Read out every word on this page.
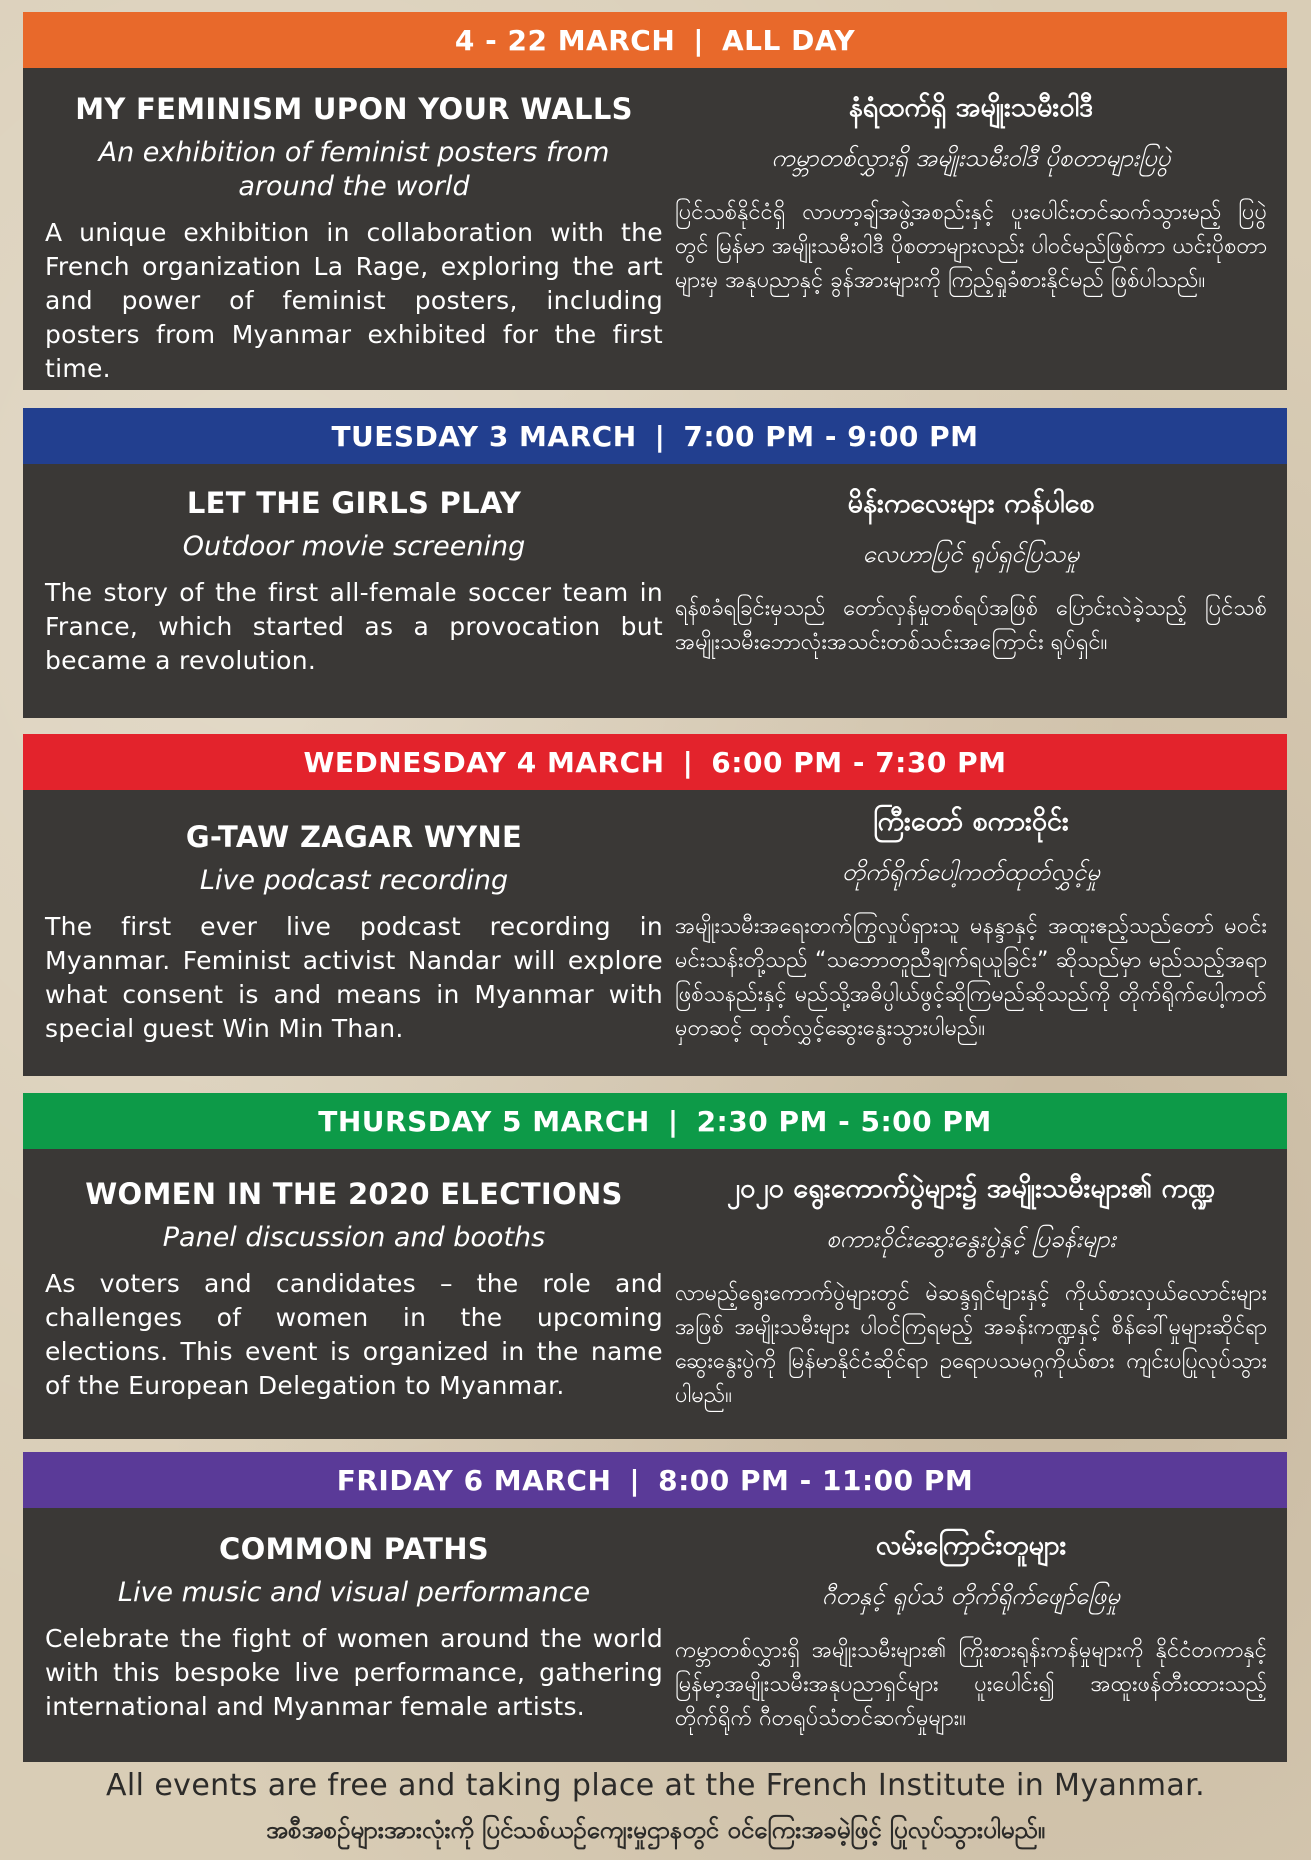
4 - 22 MARCH | ALL DAY
MY FEMINISM UPON YOUR WALLS
An exhibition of feminist posters from around the world

A unique exhibition in collaboration with the French organization La Rage, exploring the art and power of feminist posters, including posters from Myanmar exhibited for the first time.

နံရံထက်ရှိ အမျိုးသမီးဝါဒီ
ကမ္ဘာတစ်လွှားရှိ အမျိုးသမီးဝါဒီ ပိုစတာများပြပွဲ

ပြင်သစ်နိုင်ငံရှိ လာဟာ့ချ်အဖွဲ့အစည်းနှင့် ပူးပေါင်းတင်ဆက်သွားမည့် ပြပွဲတွင် မြန်မာ အမျိုးသမီးဝါဒီ ပိုစတာများလည်း ပါဝင်မည်ဖြစ်ကာ ယင်းပိုစတာများမှ အနုပညာနှင့် ခွန်အားများကို ကြည့်ရှုခံစားနိုင်မည် ဖြစ်ပါသည်။

TUESDAY 3 MARCH | 7:00 PM - 9:00 PM
LET THE GIRLS PLAY
Outdoor movie screening

The story of the first all-female soccer team in France, which started as a provocation but became a revolution.

မိန်းကလေးများ ကန်ပါစေ
လေဟာပြင် ရုပ်ရှင်ပြသမှု

ရန်စခံရခြင်းမှသည် တော်လှန်မှုတစ်ရပ်အဖြစ် ပြောင်းလဲခဲ့သည့် ပြင်သစ်အမျိုးသမီးဘောလုံးအသင်းတစ်သင်းအကြောင်း ရုပ်ရှင်။

WEDNESDAY 4 MARCH | 6:00 PM - 7:30 PM
G-TAW ZAGAR WYNE
Live podcast recording

The first ever live podcast recording in Myanmar. Feminist activist Nandar will explore what consent is and means in Myanmar with special guest Win Min Than.

ကြီးတော် စကားဝိုင်း
တိုက်ရိုက်ပေါ့ကတ်ထုတ်လွှင့်မှု

အမျိုးသမီးအရေးတက်ကြွလှုပ်ရှားသူ မနန္ဒာနှင့် အထူးဧည့်သည်တော် မဝင်းမင်းသန်းတို့သည် “သဘောတူညီချက်ရယူခြင်း” ဆိုသည်မှာ မည်သည့်အရာဖြစ်သနည်းနှင့် မည်သို့အဓိပ္ပါယ်ဖွင့်ဆိုကြမည်ဆိုသည်ကို တိုက်ရိုက်ပေါ့ကတ်မှတဆင့် ထုတ်လွှင့်ဆွေးနွေးသွားပါမည်။

THURSDAY 5 MARCH | 2:30 PM - 5:00 PM
WOMEN IN THE 2020 ELECTIONS
Panel discussion and booths

As voters and candidates – the role and challenges of women in the upcoming elections. This event is organized in the name of the European Delegation to Myanmar.

၂၀၂၀ ရွေးကောက်ပွဲများ၌ အမျိုးသမီးများ၏ ကဏ္ဍ
စကားဝိုင်းဆွေးနွေးပွဲနှင့် ပြခန်းများ

လာမည့်ရွေးကောက်ပွဲများတွင် မဲဆန္ဒရှင်များနှင့် ကိုယ်စားလှယ်လောင်းများအဖြစ် အမျိုးသမီးများ ပါဝင်ကြရမည့် အခန်းကဏ္ဍနှင့် စိန်ခေါ်မှုများဆိုင်ရာ ဆွေးနွေးပွဲကို မြန်မာနိုင်ငံဆိုင်ရာ ဥရောပသမဂ္ဂကိုယ်စား ကျင်းပပြုလုပ်သွားပါမည်။

FRIDAY 6 MARCH | 8:00 PM - 11:00 PM
COMMON PATHS
Live music and visual performance

Celebrate the fight of women around the world with this bespoke live performance, gathering international and Myanmar female artists.

လမ်းကြောင်းတူများ
ဂီတနှင့် ရုပ်သံ တိုက်ရိုက်ဖျော်ဖြေမှု

ကမ္ဘာတစ်လွှားရှိ အမျိုးသမီးများ၏ ကြိုးစားရုန်းကန်မှုများကို နိုင်ငံတကာနှင့် မြန်မာ့အမျိုးသမီးအနုပညာရှင်များ ပူးပေါင်း၍ အထူးဖန်တီးထားသည့် တိုက်ရိုက် ဂီတရုပ်သံတင်ဆက်မှုများ။

All events are free and taking place at the French Institute in Myanmar.
အစီအစဉ်များအားလုံးကို ပြင်သစ်ယဉ်ကျေးမှုဌာနတွင် ဝင်ကြေးအခမဲ့ဖြင့် ပြုလုပ်သွားပါမည်။
